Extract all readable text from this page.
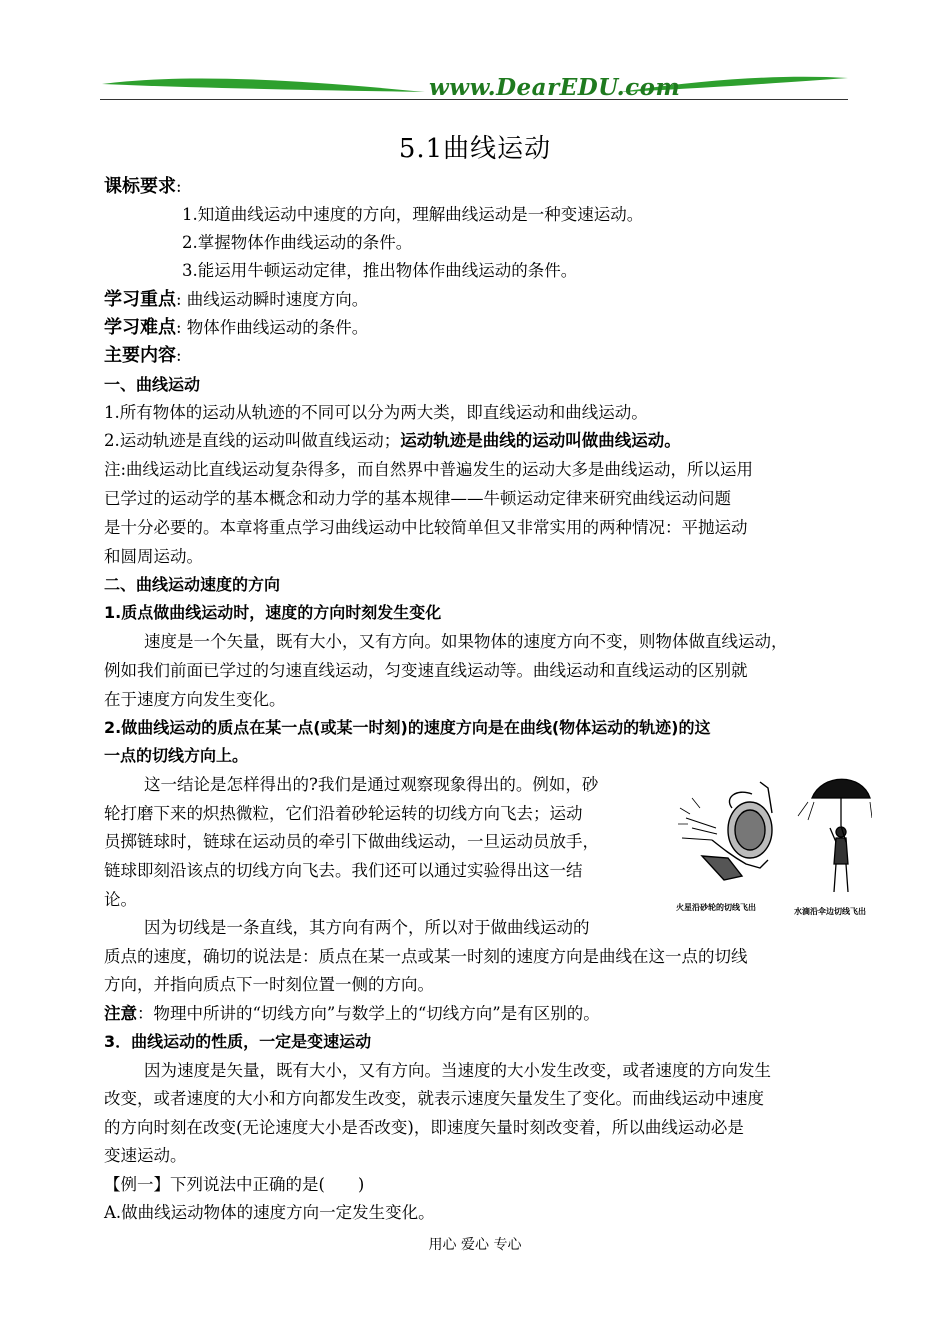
www.DearEDU.com
5.1曲线运动
课标要求:
1.知道曲线运动中速度的方向，理解曲线运动是一种变速运动。
2.掌握物体作曲线运动的条件。
3.能运用牛顿运动定律，推出物体作曲线运动的条件。
学习重点: 曲线运动瞬时速度方向。
学习难点: 物体作曲线运动的条件。
主要内容:
一、曲线运动
1.所有物体的运动从轨迹的不同可以分为两大类，即直线运动和曲线运动。
2.运动轨迹是直线的运动叫做直线运动；运动轨迹是曲线的运动叫做曲线运动。
注:曲线运动比直线运动复杂得多，而自然界中普遍发生的运动大多是曲线运动，所以运用
已学过的运动学的基本概念和动力学的基本规律——牛顿运动定律来研究曲线运动问题
是十分必要的。本章将重点学习曲线运动中比较简单但又非常实用的两种情况：平抛运动
和圆周运动。
二、曲线运动速度的方向
1.质点做曲线运动时，速度的方向时刻发生变化
速度是一个矢量，既有大小，又有方向。如果物体的速度方向不变，则物体做直线运动，
例如我们前面已学过的匀速直线运动，匀变速直线运动等。曲线运动和直线运动的区别就
在于速度方向发生变化。
2.做曲线运动的质点在某一点(或某一时刻)的速度方向是在曲线(物体运动的轨迹)的这
一点的切线方向上。
这一结论是怎样得出的?我们是通过观察现象得出的。例如，砂
轮打磨下来的炽热微粒，它们沿着砂轮运转的切线方向飞去；运动
员掷链球时，链球在运动员的牵引下做曲线运动，一旦运动员放手，
链球即刻沿该点的切线方向飞去。我们还可以通过实验得出这一结
论。	火星沿砂轮的切线飞出	水滴沿伞边切线飞出
因为切线是一条直线，其方向有两个，所以对于做曲线运动的
质点的速度，确切的说法是：质点在某一点或某一时刻的速度方向是曲线在这一点的切线
方向，并指向质点下一时刻位置一侧的方向。
注意：物理中所讲的“切线方向”与数学上的“切线方向”是有区别的。
3．曲线运动的性质，一定是变速运动
因为速度是矢量，既有大小，又有方向。当速度的大小发生改变，或者速度的方向发生
改变，或者速度的大小和方向都发生改变，就表示速度矢量发生了变化。而曲线运动中速度
的方向时刻在改变(无论速度大小是否改变)，即速度矢量时刻改变着，所以曲线运动必是
变速运动。
【例一】下列说法中正确的是(　　)
A.做曲线运动物体的速度方向一定发生变化。
用心 爱心 专心
